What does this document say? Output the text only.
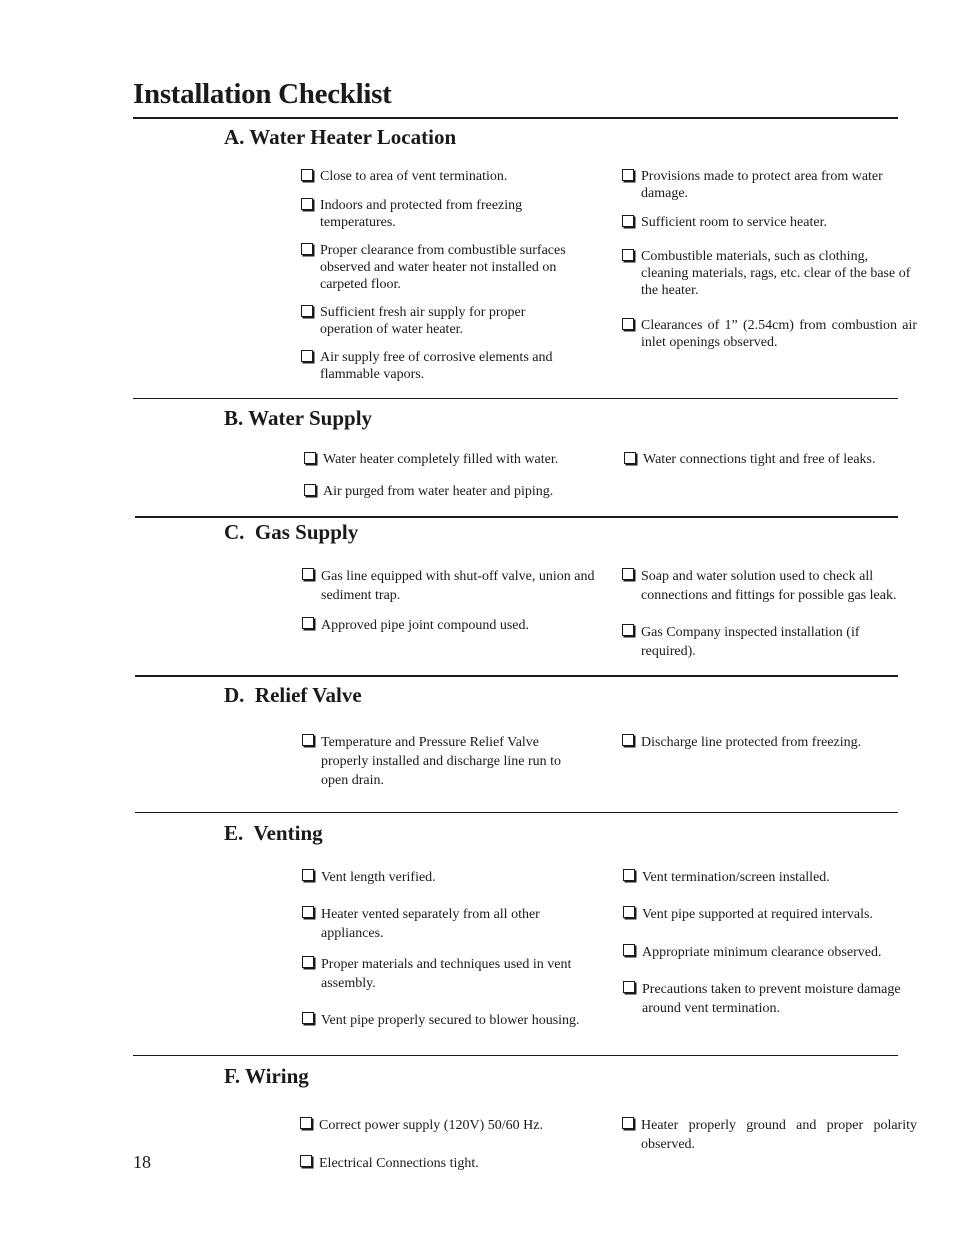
Installation Checklist
A. Water Heater Location
Close to area of vent termination.
Indoors and protected from freezing temperatures.
Proper clearance from combustible surfaces observed and water heater not installed on carpeted floor.
Sufficient fresh air supply for proper operation of water heater.
Air supply free of corrosive elements and flammable vapors.
Provisions made to protect area from water damage.
Sufficient room to service heater.
Combustible materials, such as clothing, cleaning materials, rags, etc. clear of the base of the heater.
Clearances of 1” (2.54cm) from combustion air inlet openings observed.
B. Water Supply
Water heater completely filled with water.
Air purged from water heater and piping.
Water connections tight and free of leaks.
C.  Gas Supply
Gas line equipped with shut-off valve, union and sediment trap.
Approved pipe joint compound used.
Soap and water solution used to check all connections and fittings for possible gas leak.
Gas Company inspected installation (if required).
D.  Relief Valve
Temperature and Pressure Relief Valve properly installed and discharge line run to open drain.
Discharge line protected from freezing.
E.  Venting
Vent length verified.
Heater vented separately from all other appliances.
Proper materials and techniques used in vent assembly.
Vent pipe properly secured to blower housing.
Vent termination/screen installed.
Vent pipe supported at required intervals.
Appropriate minimum clearance observed.
Precautions taken to prevent moisture damage around vent termination.
F. Wiring
Correct power supply (120V) 50/60 Hz.
Electrical Connections tight.
Heater properly ground and proper polarity observed.
18
